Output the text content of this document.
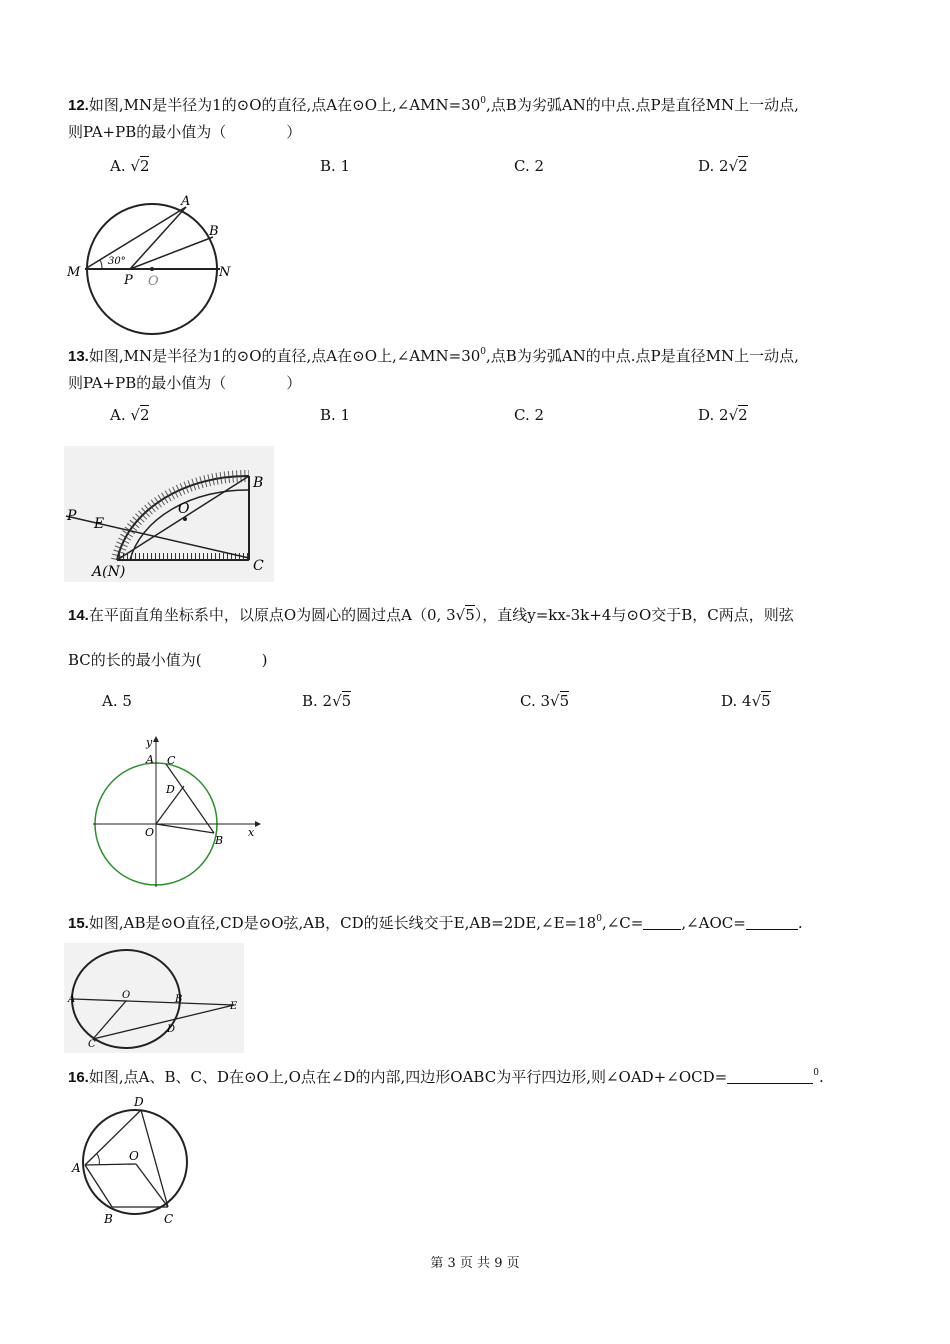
12.如图,MN是半径为1的⊙O的直径,点A在⊙O上$,\angle AMN=30^0$,点B为劣弧AN的中点.点P是直径MN上一动点,
则PA+PB的最小值为（　　　　）
A. √2	B. 1	C. 2	D. 2√2
A
B
M	N
P O
30°
13.如图,MN是半径为1的⊙O的直径,点A在⊙O上$,\angle AMN=30^0$,点B为劣弧AN的中点.点P是直径MN上一动点,
则PA+PB的最小值为（　　　　）
A. √2	B. 1	C. 2	D. 2√2
B
O
P E
A(N)	C
14.在平面直角坐标系中，以原点O为圆心的圆过点A（0, 3√5），直线y=kx-3k+4与⊙O交于B，C两点，则弦
BC的长的最小值为(　　　　)
A. 5	B. 2√5	C. 3√5	D. 4√5
y
x
A C
D
O
B
15.如图,AB是⊙O直径,CD是⊙O弦,AB，CD的延长线交于$E,AB=2DE,\angle E=18^0,\angle C=$	,∠AOC=	.
A	O	B
E
D
C
16.如图,点A、B、C、D在⊙O上,O点在∠D的内部,四边形OABC为平行四边形,则∠OAD+∠OCD=	$^0$.
D
A
O
B	C
第 3 页 共 9 页
